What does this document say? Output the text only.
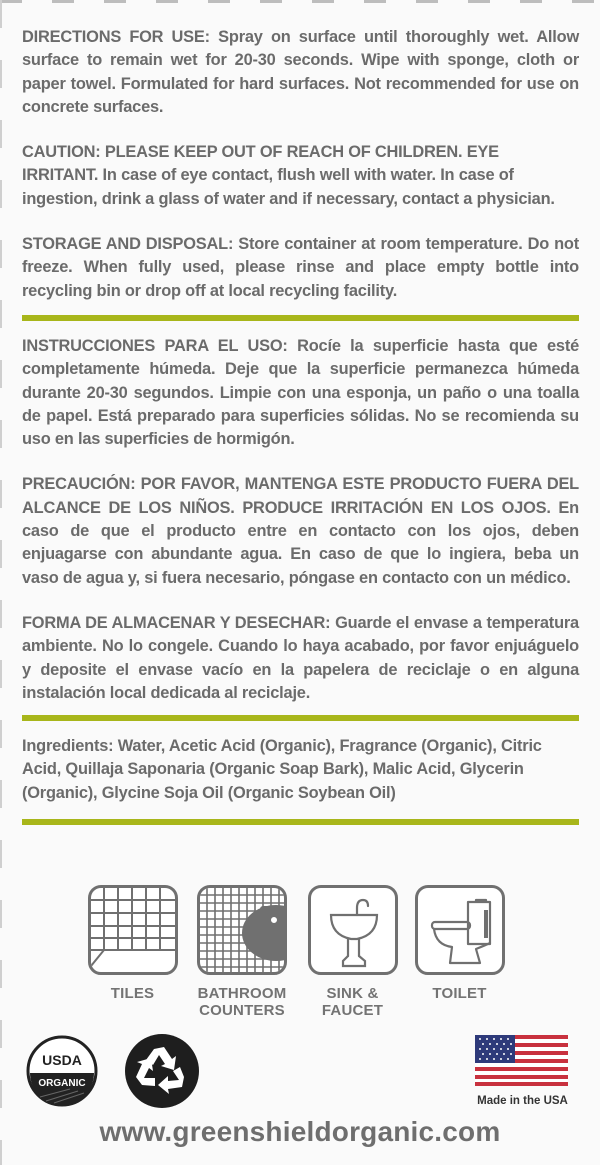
DIRECTIONS FOR USE: Spray on surface until thoroughly wet. Allow surface to remain wet for 20-30 seconds. Wipe with sponge, cloth or paper towel. Formulated for hard surfaces. Not recommended for use on concrete surfaces.

CAUTION: PLEASE KEEP OUT OF REACH OF CHILDREN. EYE IRRITANT. In case of eye contact, flush well with water. In case of ingestion, drink a glass of water and if necessary, contact a physician.

STORAGE AND DISPOSAL: Store container at room temperature. Do not freeze. When fully used, please rinse and place empty bottle into recycling bin or drop off at local recycling facility.

INSTRUCCIONES PARA EL USO: Rocíe la superficie hasta que esté completamente húmeda. Deje que la superficie permanezca húmeda durante 20-30 segundos. Limpie con una esponja, un paño o una toalla de papel. Está preparado para superficies sólidas. No se recomienda su uso en las superficies de hormigón.

PRECAUCIÓN: POR FAVOR, MANTENGA ESTE PRODUCTO FUERA DEL ALCANCE DE LOS NIÑOS. PRODUCE IRRITACIÓN EN LOS OJOS. En caso de que el producto entre en contacto con los ojos, deben enjuagarse con abundante agua. En caso de que lo ingiera, beba un vaso de agua y, si fuera necesario, póngase en contacto con un médico.

FORMA DE ALMACENAR Y DESECHAR: Guarde el envase a temperatura ambiente. No lo congele. Cuando lo haya acabado, por favor enjuáguelo y deposite el envase vacío en la papelera de reciclaje o en alguna instalación local dedicada al reciclaje.

Ingredients: Water, Acetic Acid (Organic), Fragrance (Organic), Citric Acid, Quillaja Saponaria (Organic Soap Bark), Malic Acid, Glycerin (Organic), Glycine Soja Oil (Organic Soybean Oil)

TILES	BATHROOM
COUNTERS
SINK &
FAUCET
TOILET
USDA
ORGANIC
Made in the USA
www.greenshieldorganic.com
